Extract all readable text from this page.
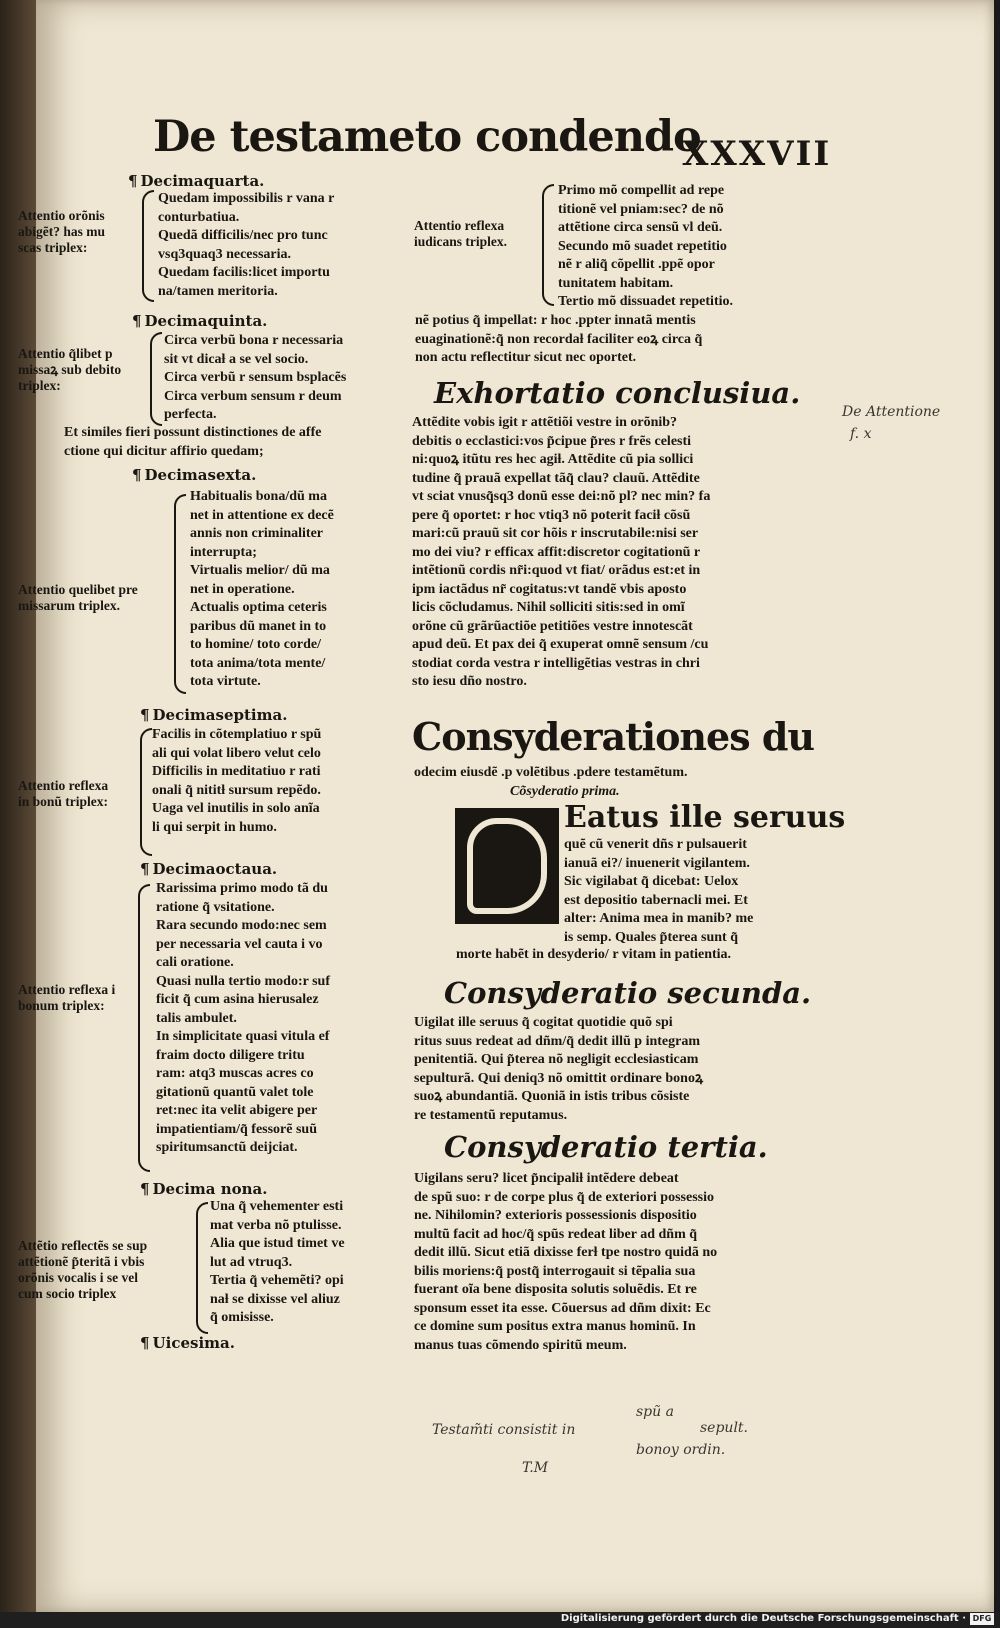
De testameto condendo
XXXVII
¶ Decimaquarta.
Attentio orõnis
abigẽt? has mu
scas triplex:
Quedam impossibilis r vana r
conturbatiua.
Quedã difficilis/nec pro tunc
vsq3quaq3 necessaria.
Quedam facilis:licet importu
na/tamen meritoria.
¶ Decimaquinta.
Attentio q̃libet p
missaꝝ sub debito
triplex:
Circa verbũ bona r necessaria
sit vt dicaƚ a se vel socio.
Circa verbũ r sensum bsplacẽs
Circa verbum sensum r deum
perfecta.
Et similes fieri possunt distinctiones de affe
ctione qui dicitur affirio quedam;
¶ Decimasexta.
Attentio quelibet pre
missarum triplex.
Habitualis bona/dũ ma
net in attentione ex decẽ
annis non criminaliter
interrupta;
Virtualis melior/ dũ ma
net in operatione.
Actualis optima ceteris
paribus dũ manet in to
to homine/ toto corde/
tota anima/tota mente/
tota virtute.
¶ Decimaseptima.
Attentio reflexa
in bonũ triplex:
Facilis in cõtemplatiuo r spũ
ali qui volat libero velut celo
Difficilis in meditatiuo r rati
onali q̃ nititƚ sursum repẽdo.
Uaga vel inutilis in solo anĩa
li qui serpit in humo.
¶ Decimaoctaua.
Attentio reflexa i
bonum triplex:
Rarissima primo modo tã du
ratione q̃ vsitatione.
Rara secundo modo:nec sem
per necessaria vel cauta i vo
cali oratione.
Quasi nulla tertio modo:r suf
ficit q̃ cum asina hierusalez
talis ambulet.
In simplicitate quasi vitula ef
fraim docto diligere tritu
ram: atq3 muscas acres co
gitationũ quantũ valet tole
ret:nec ita velit abigere per
impatientiam/q̃ fessorẽ suũ
spiritumsanctũ deijciat.
¶ Decima nona.
Attẽtio reflectẽs se sup
attẽtionẽ p̃teritã i vbis
orõnis vocalis i se vel
cum socio triplex
Una q̃ vehementer esti
mat verba nõ ptulisse.
Alia que istud timet ve
lut ad vtruq3.
Tertia q̃ vehemẽti? opi
naƚ se dixisse vel aliuz
q̃ omisisse.
¶ Uicesima.
Attentio reflexa
iudicans triplex.
Primo mõ compellit ad repe
titionẽ vel pniam:sec? de nõ
attẽtione circa sensũ vl deũ.
Secundo mõ suadet repetitio
nẽ r aliq̃ cõpellit .ppẽ opor
tunitatem habitam.
Tertio mõ dissuadet repetitio.
nẽ potius q̃ impellat: r hoc .ppter innatã mentis
euaginationẽ:q̃ non recordaƚ faciliter eoꝝ circa q̃
non actu reflectitur sicut nec oportet.
Exhortatio conclusiua.
Attẽdite vobis igit r attẽtiõi vestre in orõnib?
debitis o ecclastici:vos p̃cipue p̃res r frẽs celesti
ni:quoꝝ itũtu res hec agiƚ. Attẽdite cũ pia sollici
tudine q̃ prauã expellat tãq̃ clau? clauũ. Attẽdite
vt sciat vnusq̃sq3 donũ esse dei:nõ pl? nec min? fa
pere q̃ oportet: r hoc vtiq3 nõ poterit faciƚ cõsũ
mari:cũ prauũ sit cor hõis r inscrutabile:nisi ser
mo dei viu? r efficax affit:discretor cogitationũ r
intẽtionũ cordis nr̃i:quod vt fiat/ orãdus est:et in
ipm iactãdus nr̃ cogitatus:vt tandẽ vbis aposto
licis cõcludamus. Nihil solliciti sitis:sed in omĩ
orõne cũ grãrũactiõe petitiões vestre innotescãt
apud deũ. Et pax dei q̃ exuperat omnẽ sensum /cu
stodiat corda vestra r intelligẽtias vestras in chri
sto iesu dño nostro.
Consyderationes du
odecim eiusdẽ .p volẽtibus .pdere testamẽtum.
Cõsyderatio prima.
Eatus ille seruus
quẽ cũ venerit dñs r pulsauerit
ianuã ei?/ inuenerit vigilantem.
Sic vigilabat q̃ dicebat: Uelox
est depositio tabernacli mei. Et
alter: Anima mea in manib? me
is semp. Quales p̃terea sunt q̃
morte habẽt in desyderio/ r vitam in patientia.
Consyderatio secunda.
Uigilat ille seruus q̃ cogitat quotidie quõ spi
ritus suus redeat ad dñm/q̃ dedit illũ p integram
penitentiã. Qui p̃terea nõ negligit ecclesiasticam
sepulturã. Qui deniq3 nõ omittit ordinare bonoꝝ
suoꝝ abundantiã. Quoniã in istis tribus cõsiste
re testamentũ reputamus.
Consyderatio tertia.
Uigilans seru? licet p̃ncipaliƚ intẽdere debeat
de spũ suo: r de corpe plus q̃ de exteriori possessio
ne. Nihilomin? exterioris possessionis dispositio
multũ facit ad hoc/q̃ spũs redeat liber ad dñm q̃
dedit illũ. Sicut etiã dixisse ferƚ tpe nostro quidã no
bilis moriens:q̃ postq̃ interrogauit si tẽpalia sua
fuerant oĩa bene disposita solutis soluẽdis. Et re
sponsum esset ita esse. Cõuersus ad dñm dixit: Ec
ce domine sum positus extra manus hominũ. In
manus tuas cõmendo spiritũ meum.
De Attentione
f. x
Testam̃ti consistit in
spũ a
sepult.
bonoy ordin.
T.M
Digitalisierung gefördert durch die Deutsche Forschungsgemeinschaft · DFG
